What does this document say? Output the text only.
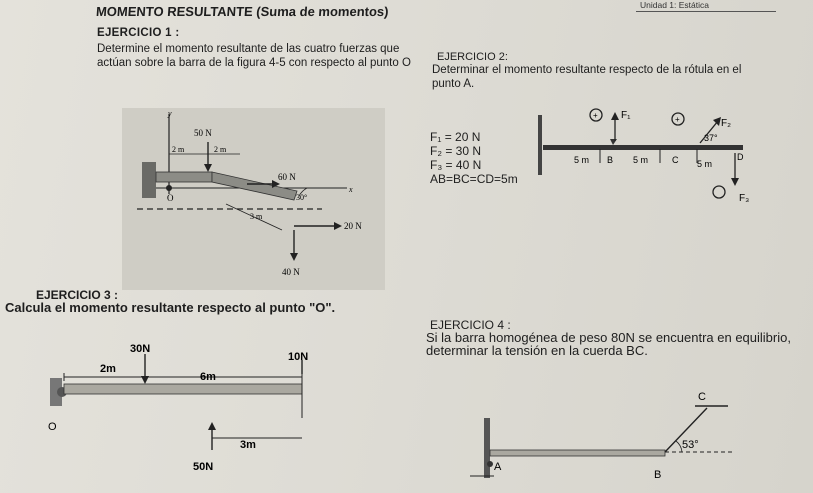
Unidad 1: Estática
MOMENTO RESULTANTE (Suma de momentos)
EJERCICIO 1 :
Determine el momento resultante de las cuatro fuerzas que actúan sobre la barra de la figura 4-5 con respecto al punto O
y
50 N
2 m	2 m
60 N
30°
O
x
3 m
20 N
40 N
EJERCICIO 2:
Determinar el momento resultante respecto de la rótula en el punto A.
F₁ = 20 N
F₂ = 30 N
F₃ = 40 N
AB=BC=CD=5m
+	+
F₁
F₂
37°
5 m B 5 m	C 5 m
D
F₃
EJERCICIO 3 :
Calcula el momento resultante respecto al punto "O".
30N
10N
2m
6m
O
3m
50N
EJERCICIO 4 :
Si la barra homogénea de peso 80N se encuentra en equilibrio, determinar la tensión en la cuerda BC.
C
53°
A
B
